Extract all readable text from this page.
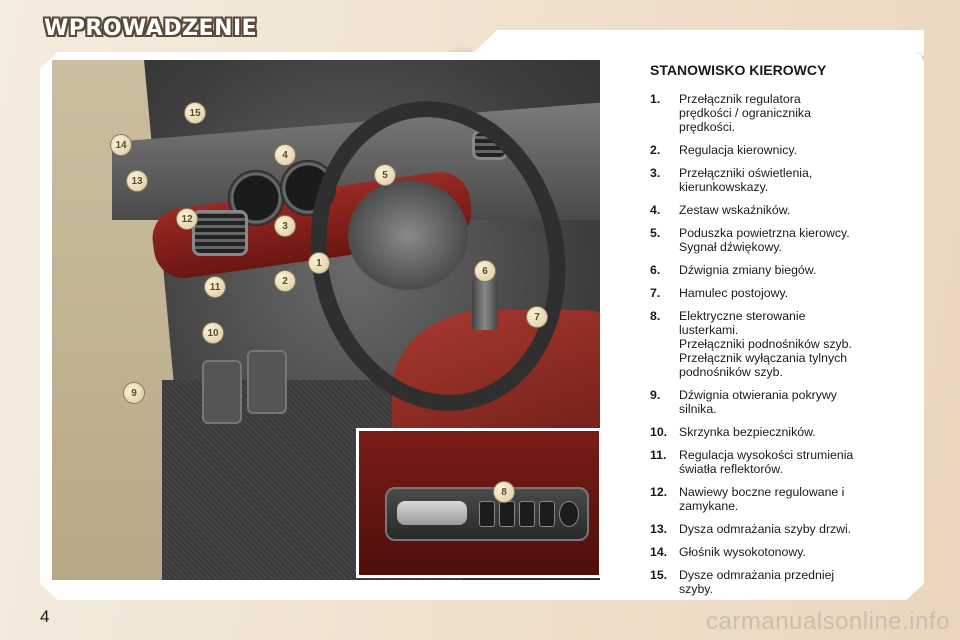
WPROWADZENIE
1
2
3
4
5
6
7
9
10
11
12
13
14
15
8
STANOWISKO KIEROWCY
1.	Przełącznik regulatora
prędkości / ogranicznika
prędkości.
2.	Regulacja kierownicy.
3.	Przełączniki oświetlenia,
kierunkowskazy.
4.	Zestaw wskaźników.
5.	Poduszka powietrzna kierowcy.
Sygnał dźwiękowy.
6.	Dźwignia zmiany biegów.
7.	Hamulec postojowy.
8.	Elektryczne sterowanie
lusterkami.
Przełączniki podnośników szyb.
Przełącznik wyłączania tylnych
podnośników szyb.
9.	Dźwignia otwierania pokrywy
silnika.
10. Skrzynka bezpieczników.
11.	Regulacja wysokości strumienia
światła reflektorów.
12. Nawiewy boczne regulowane i
zamykane.
13. Dysza odmrażania szyby drzwi.
14. Głośnik wysokotonowy.
15. Dysze odmrażania przedniej
szyby.
4	carmanualsonline.info
